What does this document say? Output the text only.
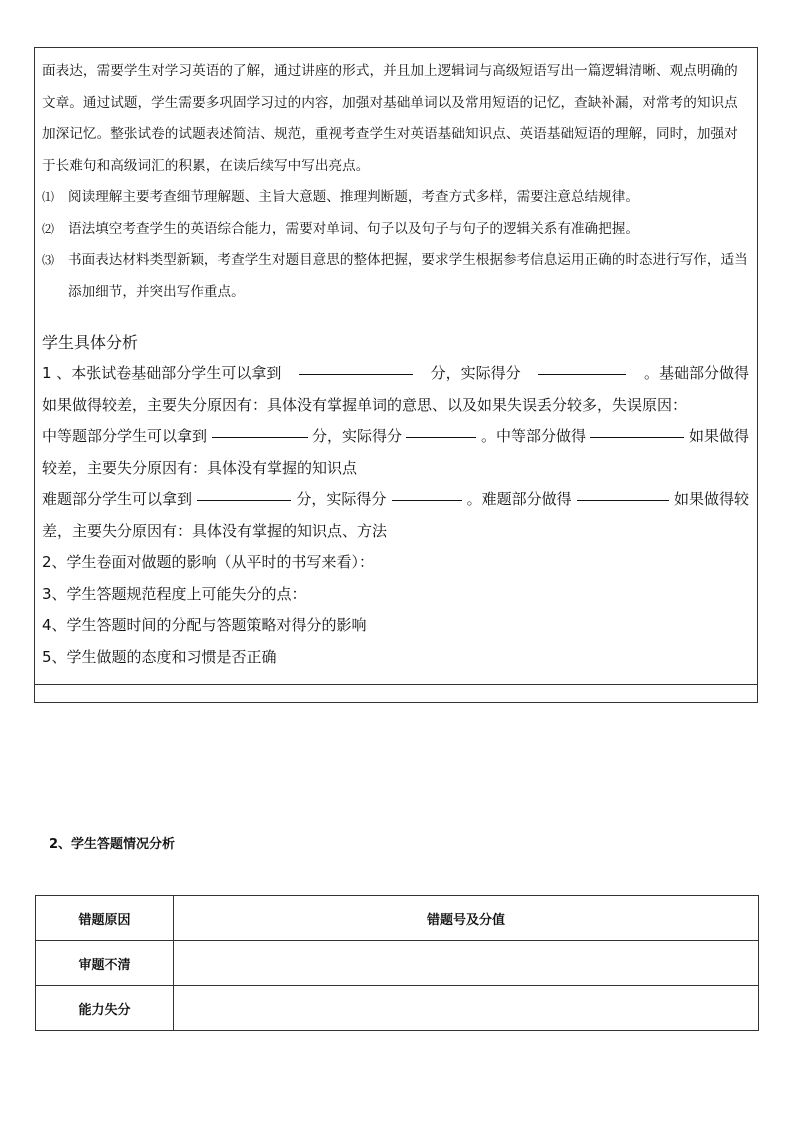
面表达，需要学生对学习英语的了解，通过讲座的形式，并且加上逻辑词与高级短语写出一篇逻辑清晰、观点明确的文章。通过试题，学生需要多巩固学习过的内容，加强对基础单词以及常用短语的记忆，查缺补漏，对常考的知识点加深记忆。整张试卷的试题表述简洁、规范，重视考查学生对英语基础知识点、英语基础短语的理解，同时，加强对于长难句和高级词汇的积累，在读后续写中写出亮点。

⑴	阅读理解主要考查细节理解题、主旨大意题、推理判断题，考查方式多样，需要注意总结规律。
⑵	语法填空考查学生的英语综合能力，需要对单词、句子以及句子与句子的逻辑关系有准确把握。
⑶	书面表达材料类型新颖，考查学生对题目意思的整体把握，要求学生根据参考信息运用正确的时态进行写作，适当添加细节，并突出写作重点。
学生具体分析
1 、本张试卷基础部分学生可以拿到	分，实际得分	。基础部分做得
如果做得较差，主要失分原因有：具体没有掌握单词的意思、以及如果失误丢分较多，失误原因：
中等题部分学生可以拿到	分，实际得分	。中等部分做得	如果做得
较差，主要失分原因有：具体没有掌握的知识点
难题部分学生可以拿到	分，实际得分	。难题部分做得	如果做得较
差，主要失分原因有：具体没有掌握的知识点、方法
2、学生卷面对做题的影响（从平时的书写来看）：
3、学生答题规范程度上可能失分的点：
4、学生答题时间的分配与答题策略对得分的影响
5、学生做题的态度和习惯是否正确
2、学生答题情况分析
错题原因	错题号及分值
审题不清	
能力失分	
